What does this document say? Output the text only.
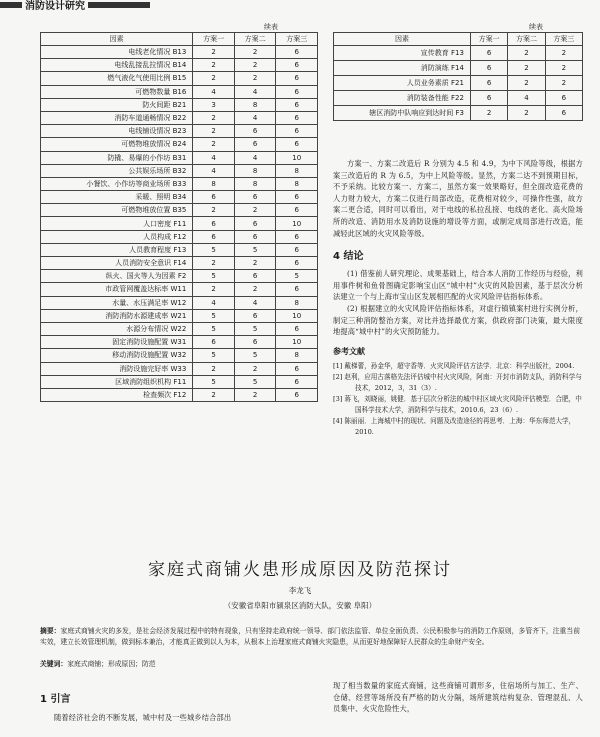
消防设计研究
续表
因素	方案一	方案二	方案三
电线老化情况 B13	2	2	6
电线乱接乱拉情况 B14	2	2	6
燃气液化气使用比例 B15	2	2	6
可燃物数量 B16	4	4	6
防火间距 B21	3	8	6
消防车道通畅情况 B22	2	4	6
电线铺设情况 B23	2	6	6
可燃物堆放情况 B24	2	6	6
防撬、易爆的小作坊 B31	4	4	10
公共娱乐场所 B32	4	8	8
小餐饮、小作坊等商业场所 B33	8	8	8
采暖、照明 B34	6	6	6
可燃物堆放位置 B35	2	2	6
人口密度 F11	6	6	10
人员构成 F12	6	6	6
人员教育程度 F13	5	5	6
人员消防安全意识 F14	2	2	6
纵火、国火等人为因素 F2	5	6	5
市政管网覆盖达标率 W11	2	2	6
水量、水压满足率 W12	4	4	8
消防消防水源建成率 W21	5	6	10
水源分布情况 W22	5	5	6
固定消防设施配置 W31	6	6	10
移动消防设施配置 W32	5	5	8
消防设施完好率 W33	2	2	6
区域消防组织机构 F11	5	5	6
检查频次 F12	2	2	6
续表
因素	方案一	方案二	方案三
宣传教育 F13	6	2	2
消防演练 F14	6	2	2
人员业务素质 F21	6	2	2
消防装备性能 F22	6	4	6
辖区消防中队响应到达时间 F3	2	2	6

方案一、方案二改造后 R 分别为 4.5 和 4.9，为中下风险等级，根据方案三改造后的 R 为 6.5，为中上风险等级。显然，方案二达不到预期目标，不予采纳。比较方案一、方案二，虽然方案一效果略好，但全面改造花费的人力财力较大，方案二仅进行局部改造，花费相对较少，可操作性强，故方案二更合适，同时可以看出，对于电线的私拉乱接、电线的老化、高火险场所的改造、消防用水及消防设施的增设等方面，或制定成局部进行改造，能减轻此区域的火灾风险等级。

4 结论

(1) 借鉴前人研究理论、成果基础上，结合本人消防工作经历与经验，利用事件树和鱼骨图确定影响宝山区“城中村”火灾的风险因素，基于层次分析法建立一个与上海市宝山区发展相匹配的火灾风险评估指标体系。

(2) 根据建立的火灾风险评估指标体系，对虚行镇镇案村进行实例分析，制定三种消防整治方案，对比并选择最优方案，供政府部门决策，最大限度地提高“城中村”的火灾预防能力。

参考文献

[1] 戴梯蕾，孙金华，超守香等．火灾风险评估方法学．北京：科学出版社，2004.

[2] 赵利，应用古落格先法评估城中村火灾风险，阿南：开封市消防支队，消防科学与技术，2012，3，31（3）.

[3] 蒋飞，刘晓丽，姚健．基于层次分析法的城中村区域火灾风险评估模型．合肥，中国科学技术大学，消防科学与技术，2010.6，23（6）.

[4] 陈丽丽．上海城中村的现状、问题及改造途径的再思考．上海：华东师范大学，2010.

家庭式商铺火患形成原因及防范探讨
李龙飞
（安徽省阜阳市颍泉区消防大队，安徽 阜阳）
摘要：家庭式商铺火灾的多发，是社会经济发展过程中的特有现象，只有坚持走政府统一领导、部门依法监管、单位全面负责、公民积极参与的消防工作原则，多管齐下，注重当前实效，建立长效管理机制，做到标本兼治，才能真正做到以人为本，从根本上治理家庭式商铺火灾隐患，从而更好地保障好人民群众的生命财产安全。
关键词：家庭式商铺；形成原因；防范
1 引言

随着经济社会的不断发展，城中村及一些城乡结合部出

现了相当数量的家庭式商铺，这些商铺可谓形多，住宿场所与加工、生产、仓储、经营等场所没有严格的防火分隔，场所建筑结构复杂、管理混乱、人员集中、火灾危险性大，
